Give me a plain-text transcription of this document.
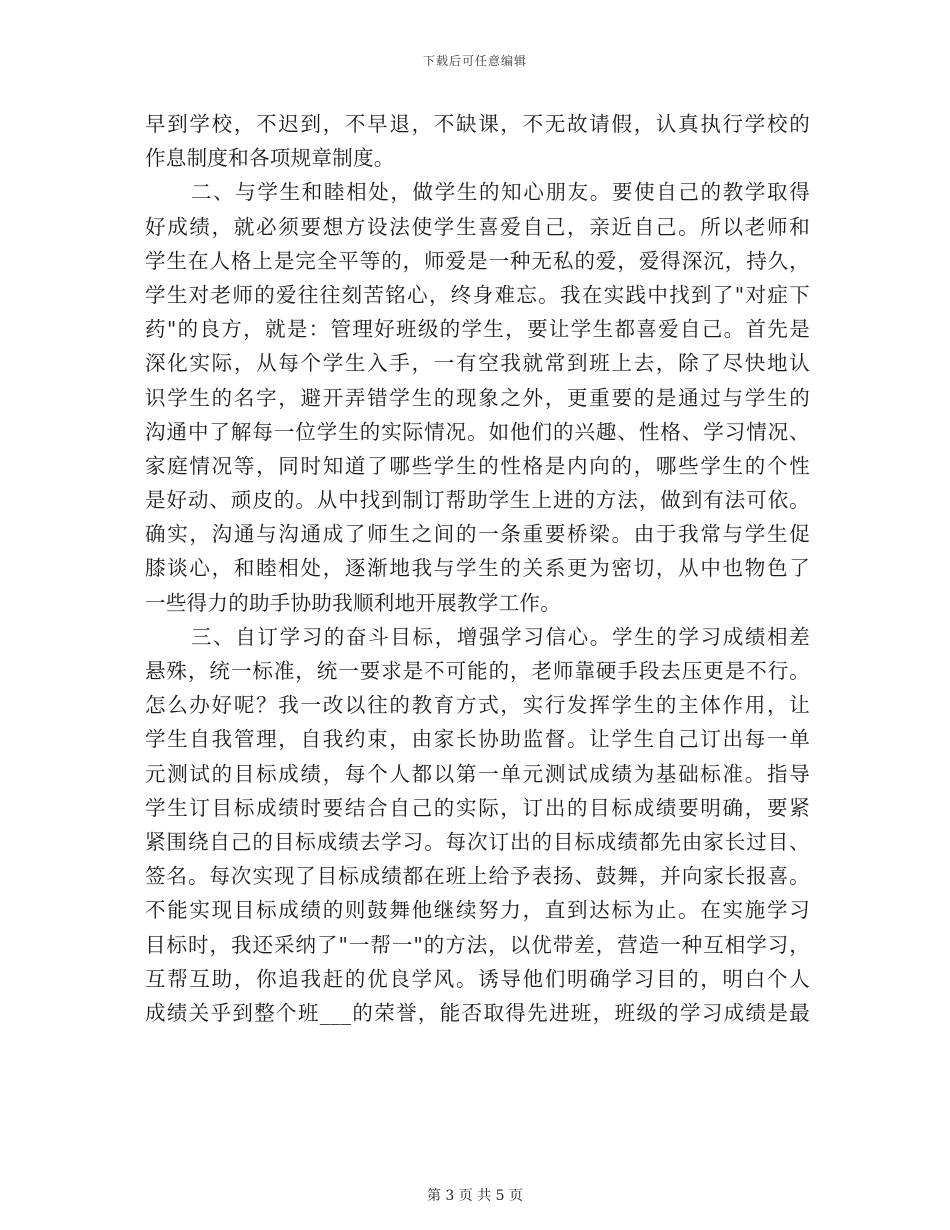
下载后可任意编辑
早到学校，不迟到，不早退，不缺课，不无故请假，认真执行学校的
作息制度和各项规章制度。
二、与学生和睦相处，做学生的知心朋友。要使自己的教学取得
好成绩，就必须要想方设法使学生喜爱自己，亲近自己。所以老师和
学生在人格上是完全平等的，师爱是一种无私的爱，爱得深沉，持久，
学生对老师的爱往往刻苦铭心，终身难忘。我在实践中找到了"对症下
药"的良方，就是：管理好班级的学生，要让学生都喜爱自己。首先是
深化实际，从每个学生入手，一有空我就常到班上去，除了尽快地认
识学生的名字，避开弄错学生的现象之外，更重要的是通过与学生的
沟通中了解每一位学生的实际情况。如他们的兴趣、性格、学习情况、
家庭情况等，同时知道了哪些学生的性格是内向的，哪些学生的个性
是好动、顽皮的。从中找到制订帮助学生上进的方法，做到有法可依。
确实，沟通与沟通成了师生之间的一条重要桥梁。由于我常与学生促
膝谈心，和睦相处，逐渐地我与学生的关系更为密切，从中也物色了
一些得力的助手协助我顺利地开展教学工作。
三、自订学习的奋斗目标，增强学习信心。学生的学习成绩相差
悬殊，统一标准，统一要求是不可能的，老师靠硬手段去压更是不行。
怎么办好呢？我一改以往的教育方式，实行发挥学生的主体作用，让
学生自我管理，自我约束，由家长协助监督。让学生自己订出每一单
元测试的目标成绩，每个人都以第一单元测试成绩为基础标准。指导
学生订目标成绩时要结合自己的实际，订出的目标成绩要明确，要紧
紧围绕自己的目标成绩去学习。每次订出的目标成绩都先由家长过目、
签名。每次实现了目标成绩都在班上给予表扬、鼓舞，并向家长报喜。
不能实现目标成绩的则鼓舞他继续努力，直到达标为止。在实施学习
目标时，我还采纳了"一帮一"的方法，以优带差，营造一种互相学习，
互帮互助，你追我赶的优良学风。诱导他们明确学习目的，明白个人
成绩关乎到整个班___的荣誉，能否取得先进班，班级的学习成绩是最
第 3 页 共 5 页
